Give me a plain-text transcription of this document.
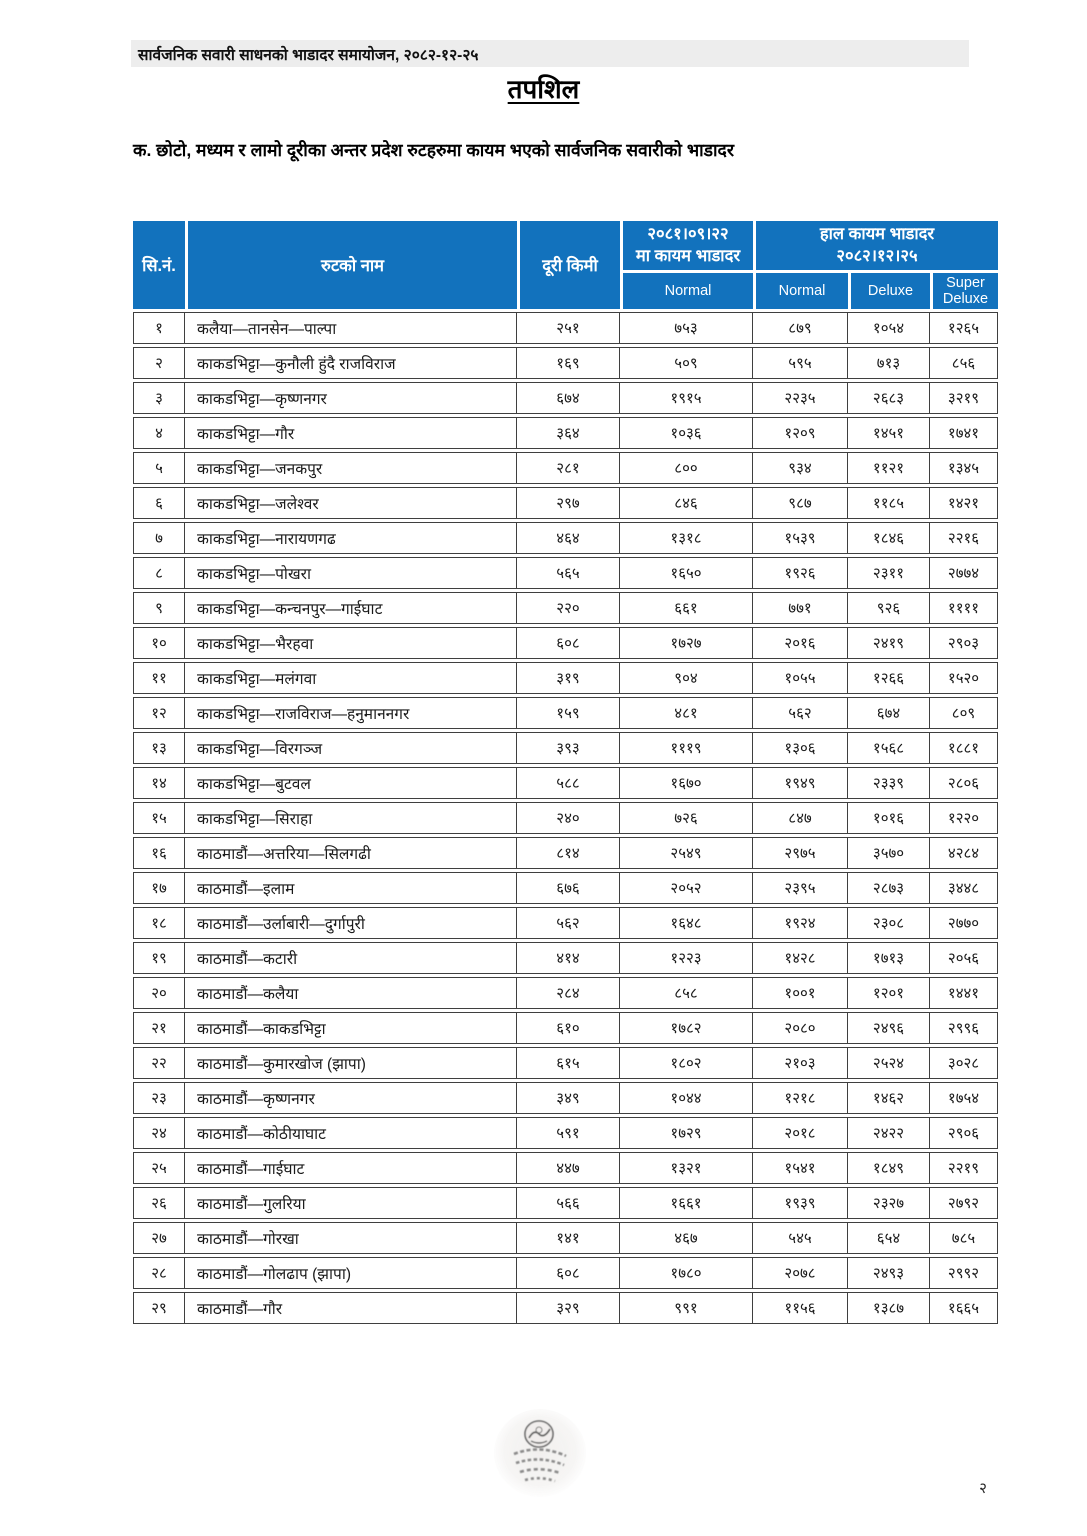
सार्वजनिक सवारी साधनको भाडादर समायोजन, २०८२-१२-२५
तपशिल
क. छोटो, मध्यम र लामो दूरीका अन्तर प्रदेश रुटहरुमा कायम भएको सार्वजनिक सवारीको भाडादर
सि.नं.	रुटको नाम	दूरी किमी	
२०८१।०९।२२
मा कायम भाडादर

हाल कायम भाडादर
२०८२।१२।२५

			Normal	Normal	Deluxe	Super Deluxe
१	कलैया—तानसेन—पाल्पा	२५१	७५३	८७९	१०५४	१२६५
२	काकडभिट्टा—कुनौली हुंदै राजविराज	१६९	५०९	५९५	७१३	८५६
३	काकडभिट्टा—कृष्णनगर	६७४	१९१५	२२३५	२६८३	३२१९
४	काकडभिट्टा—गौर	३६४	१०३६	१२०९	१४५१	१७४१
५	काकडभिट्टा—जनकपुर	२८१	८००	९३४	११२१	१३४५
६	काकडभिट्टा—जलेश्वर	२९७	८४६	९८७	११८५	१४२१
७	काकडभिट्टा—नारायणगढ	४६४	१३१८	१५३९	१८४६	२२१६
८	काकडभिट्टा—पोखरा	५६५	१६५०	१९२६	२३११	२७७४
९	काकडभिट्टा—कन्चनपुर—गाईघाट	२२०	६६१	७७१	९२६	११११
१०	काकडभिट्टा—भैरहवा	६०८	१७२७	२०१६	२४१९	२९०३
११	काकडभिट्टा—मलंगवा	३१९	९०४	१०५५	१२६६	१५२०
१२	काकडभिट्टा—राजविराज—हनुमाननगर	१५९	४८१	५६२	६७४	८०९
१३	काकडभिट्टा—विरगञ्ज	३९३	१११९	१३०६	१५६८	१८८१
१४	काकडभिट्टा—बुटवल	५८८	१६७०	१९४९	२३३९	२८०६
१५	काकडभिट्टा—सिराहा	२४०	७२६	८४७	१०१६	१२२०
१६	काठमाडौं—अत्तरिया—सिलगढी	८१४	२५४९	२९७५	३५७०	४२८४
१७	काठमाडौं—इलाम	६७६	२०५२	२३९५	२८७३	३४४८
१८	काठमाडौं—उर्लाबारी—दुर्गापुरी	५६२	१६४८	१९२४	२३०८	२७७०
१९	काठमाडौं—कटारी	४१४	१२२३	१४२८	१७१३	२०५६
२०	काठमाडौं—कलैया	२८४	८५८	१००१	१२०१	१४४१
२१	काठमाडौं—काकडभिट्टा	६१०	१७८२	२०८०	२४९६	२९९६
२२	काठमाडौं—कुमारखोज (झापा)	६१५	१८०२	२१०३	२५२४	३०२८
२३	काठमाडौं—कृष्णनगर	३४९	१०४४	१२१८	१४६२	१७५४
२४	काठमाडौं—कोठीयाघाट	५९१	१७२९	२०१८	२४२२	२९०६
२५	काठमाडौं—गाईघाट	४४७	१३२१	१५४१	१८४९	२२१९
२६	काठमाडौं—गुलरिया	५६६	१६६१	१९३९	२३२७	२७९२
२७	काठमाडौं—गोरखा	१४१	४६७	५४५	६५४	७८५
२८	काठमाडौं—गोलढाप (झापा)	६०८	१७८०	२०७८	२४९३	२९९२
२९	काठमाडौं—गौर	३२९	९९१	११५६	१३८७	१६६५
२
